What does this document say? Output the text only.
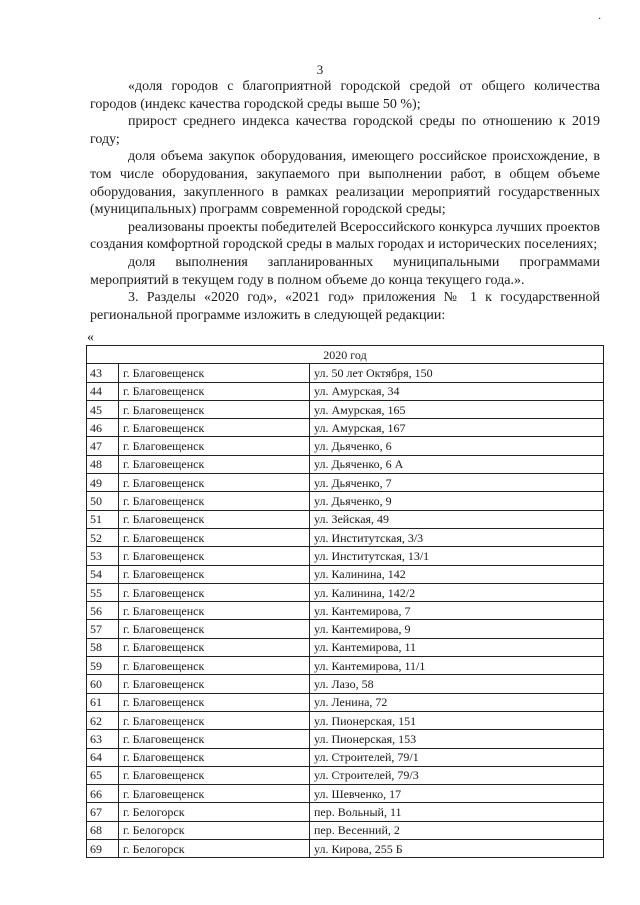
·
3

«доля городов с благоприятной городской средой от общего количества городов (индекс качества городской среды выше 50 %);

прирост среднего индекса качества городской среды по отношению к 2019 году;

доля объема закупок оборудования, имеющего российское происхождение, в том числе оборудования, закупаемого при выполнении работ, в общем объеме оборудования, закупленного в рамках реализации мероприятий государственных (муниципальных) программ современной городской среды;

реализованы проекты победителей Всероссийского конкурса лучших проектов создания комфортной городской среды в малых городах и исторических поселениях;

доля выполнения запланированных муниципальными программами мероприятий в текущем году в полном объеме до конца текущего года.».

3. Разделы «2020 год», «2021 год» приложения № 1 к государственной региональной программе изложить в следующей редакции:

«
2020 год		
43	г. Благовещенск	ул. 50 лет Октября, 150
44	г. Благовещенск	ул. Амурская, 34
45	г. Благовещенск	ул. Амурская, 165
46	г. Благовещенск	ул. Амурская, 167
47	г. Благовещенск	ул. Дьяченко, 6
48	г. Благовещенск	ул. Дьяченко, 6 А
49	г. Благовещенск	ул. Дьяченко, 7
50	г. Благовещенск	ул. Дьяченко, 9
51	г. Благовещенск	ул. Зейская, 49
52	г. Благовещенск	ул. Институтская, 3/3
53	г. Благовещенск	ул. Институтская, 13/1
54	г. Благовещенск	ул. Калинина, 142
55	г. Благовещенск	ул. Калинина, 142/2
56	г. Благовещенск	ул. Кантемирова, 7
57	г. Благовещенск	ул. Кантемирова, 9
58	г. Благовещенск	ул. Кантемирова, 11
59	г. Благовещенск	ул. Кантемирова, 11/1
60	г. Благовещенск	ул. Лазо, 58
61	г. Благовещенск	ул. Ленина, 72
62	г. Благовещенск	ул. Пионерская, 151
63	г. Благовещенск	ул. Пионерская, 153
64	г. Благовещенск	ул. Строителей, 79/1
65	г. Благовещенск	ул. Строителей, 79/3
66	г. Благовещенск	ул. Шевченко, 17
67	г. Белогорск	пер. Вольный, 11
68	г. Белогорск	пер. Весенний, 2
69	г. Белогорск	ул. Кирова, 255 Б
